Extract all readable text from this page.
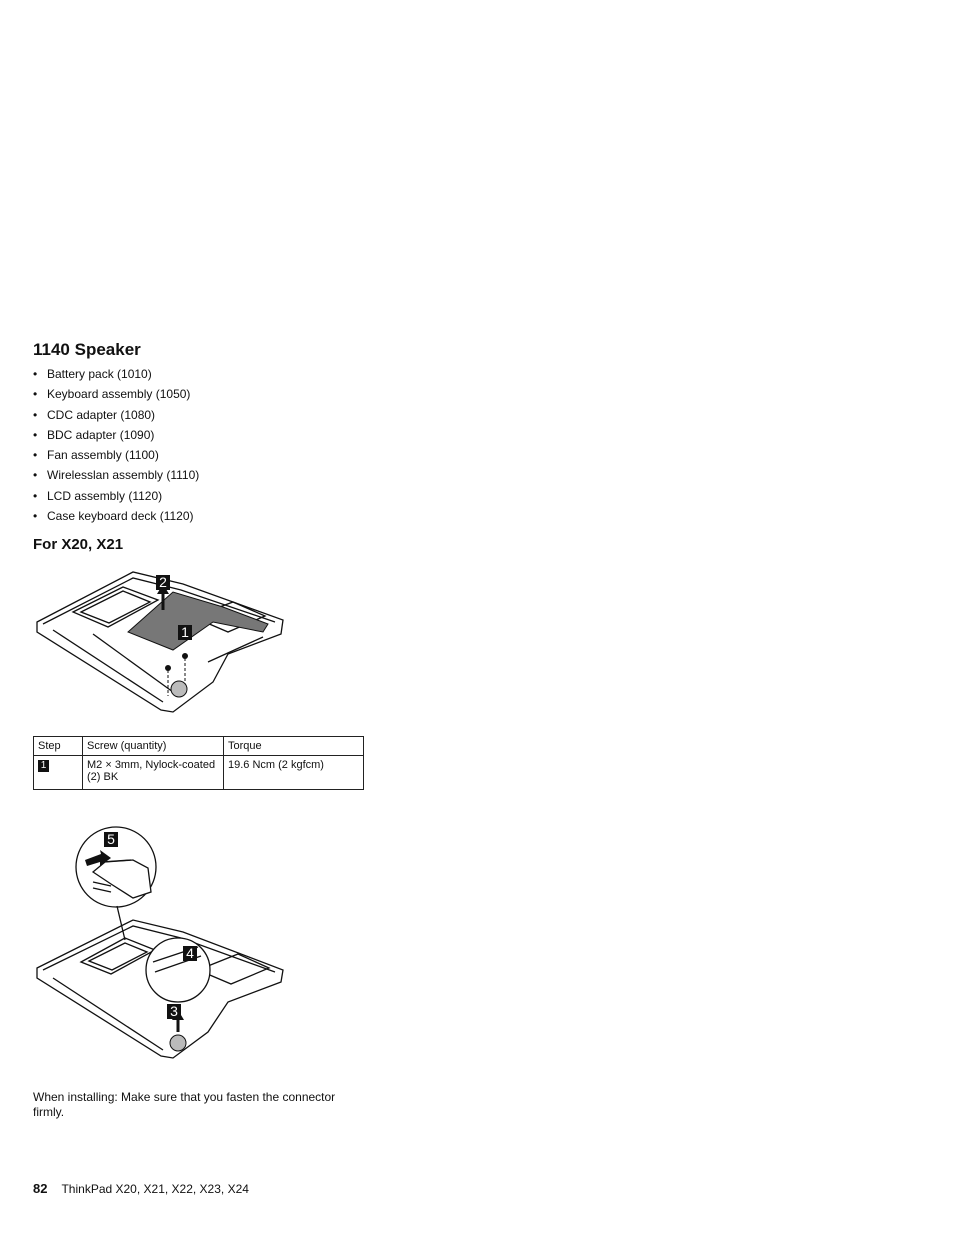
1140 Speaker
• Battery pack (1010)
• Keyboard assembly (1050)
• CDC adapter (1080)
• BDC adapter (1090)
• Fan assembly (1100)
• Wirelesslan assembly (1110)
• LCD assembly (1120)
• Case keyboard deck (1120)
For X20, X21
2
1
Step	Screw (quantity)	Torque
1	M2 × 3mm, Nylock-coated (2) BK	19.6 Ncm (2 kgfcm)
5
4
3
When installing: Make sure that you fasten the connector firmly.
82 ThinkPad X20, X21, X22, X23, X24
